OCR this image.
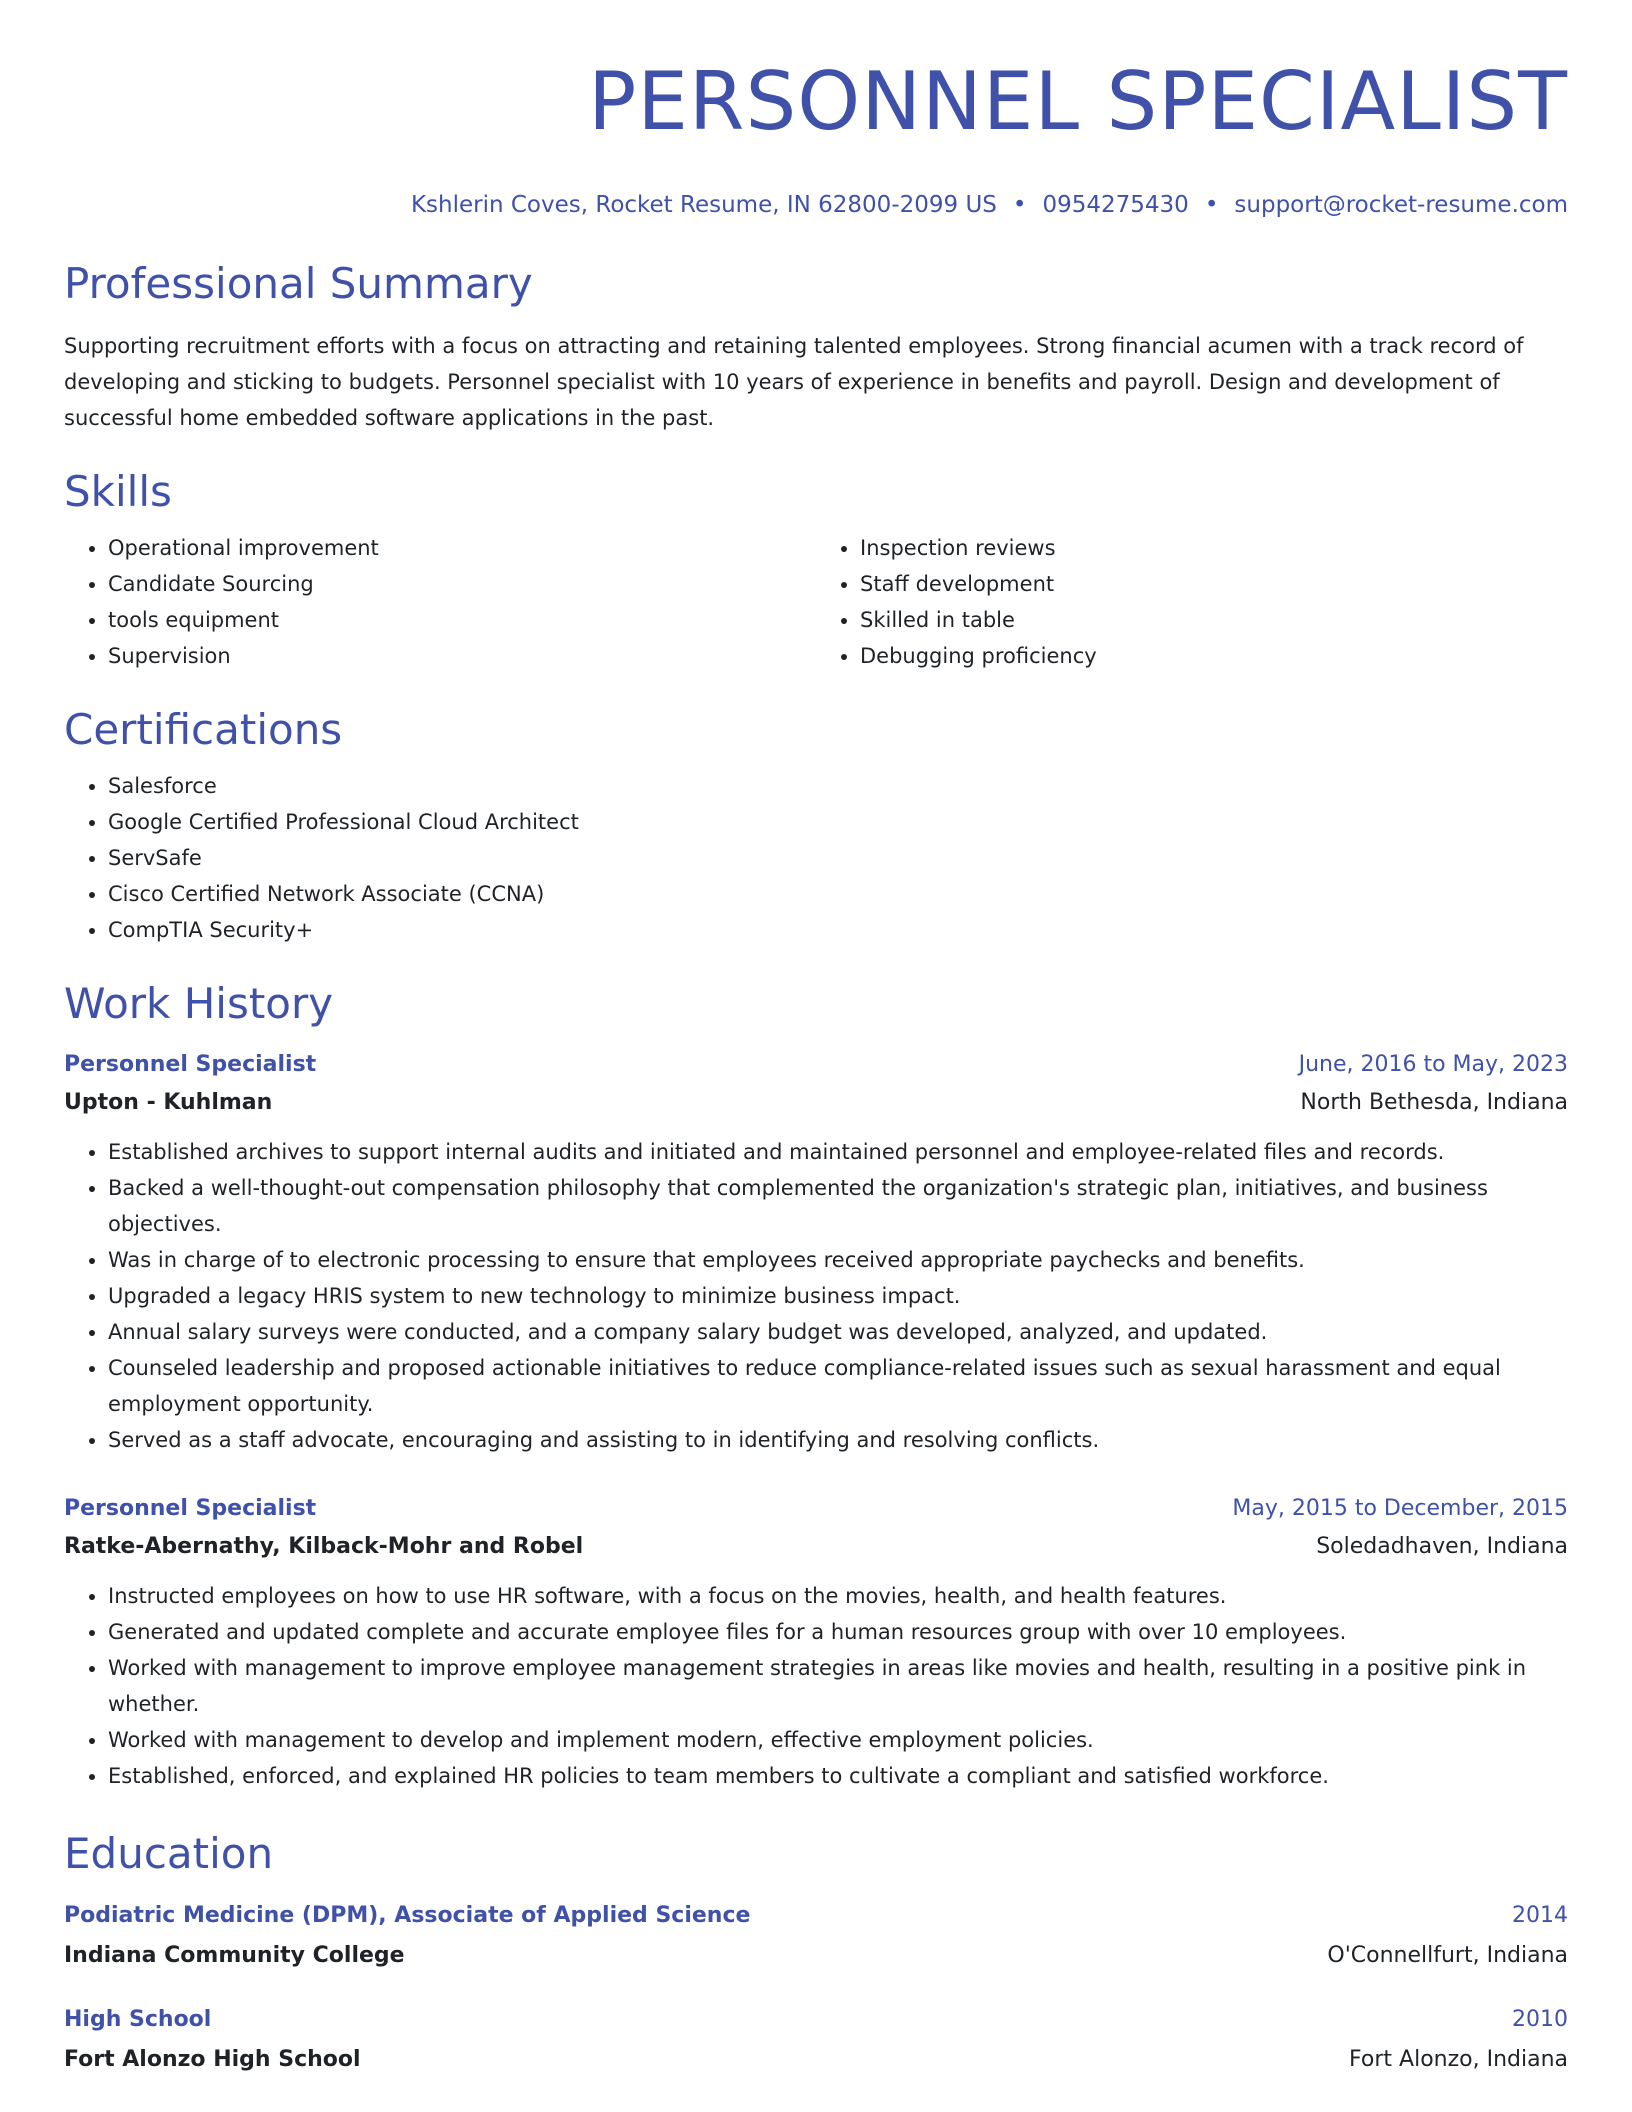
PERSONNEL SPECIALIST
Kshlerin Coves, Rocket Resume, IN 62800-2099 US • 0954275430 • support@rocket-resume.com
Professional Summary
Supporting recruitment efforts with a focus on attracting and retaining talented employees. Strong financial acumen with a track record of developing and sticking to budgets. Personnel specialist with 10 years of experience in benefits and payroll. Design and development of successful home embedded software applications in the past.
Skills
• Operational improvement
• Candidate Sourcing
• tools equipment
• Supervision
• Inspection reviews
• Staff development
• Skilled in table
• Debugging proficiency
Certifications
• Salesforce
• Google Certified Professional Cloud Architect
• ServSafe
• Cisco Certified Network Associate (CCNA)
• CompTIA Security+
Work History
Personnel Specialist	June, 2016 to May, 2023
Upton - Kuhlman	North Bethesda, Indiana
• Established archives to support internal audits and initiated and maintained personnel and employee-related files and records.
• Backed a well-thought-out compensation philosophy that complemented the organization's strategic plan, initiatives, and business objectives.
• Was in charge of to electronic processing to ensure that employees received appropriate paychecks and benefits.
• Upgraded a legacy HRIS system to new technology to minimize business impact.
• Annual salary surveys were conducted, and a company salary budget was developed, analyzed, and updated.
• Counseled leadership and proposed actionable initiatives to reduce compliance-related issues such as sexual harassment and equal employment opportunity.
• Served as a staff advocate, encouraging and assisting to in identifying and resolving conflicts.
Personnel Specialist	May, 2015 to December, 2015
Ratke-Abernathy, Kilback-Mohr and Robel	Soledadhaven, Indiana
• Instructed employees on how to use HR software, with a focus on the movies, health, and health features.
• Generated and updated complete and accurate employee files for a human resources group with over 10 employees.
• Worked with management to improve employee management strategies in areas like movies and health, resulting in a positive pink in whether.
• Worked with management to develop and implement modern, effective employment policies.
• Established, enforced, and explained HR policies to team members to cultivate a compliant and satisfied workforce.
Education
Podiatric Medicine (DPM), Associate of Applied Science	2014
Indiana Community College	O'Connellfurt, Indiana
High School	2010
Fort Alonzo High School	Fort Alonzo, Indiana
